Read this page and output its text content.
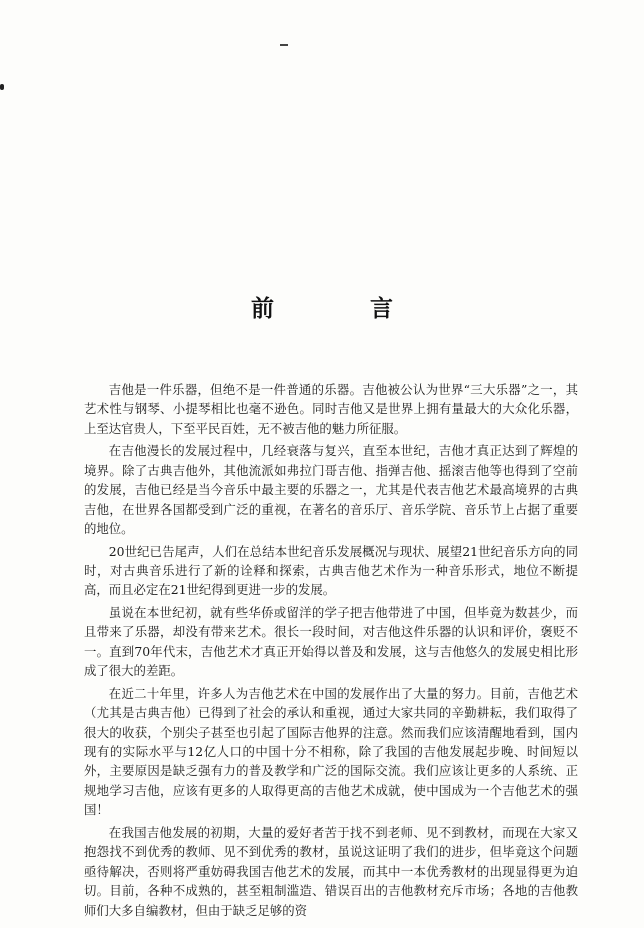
前 言

吉他是一件乐器，但绝不是一件普通的乐器。吉他被公认为世界“三大乐器”之一，其艺术性与钢琴、小提琴相比也毫不逊色。同时吉他又是世界上拥有量最大的大众化乐器，上至达官贵人，下至平民百姓，无不被吉他的魅力所征服。

在吉他漫长的发展过程中，几经衰落与复兴，直至本世纪，吉他才真正达到了辉煌的境界。除了古典吉他外，其他流派如弗拉门哥吉他、指弹吉他、摇滚吉他等也得到了空前的发展，吉他已经是当今音乐中最主要的乐器之一，尤其是代表吉他艺术最高境界的古典吉他，在世界各国都受到广泛的重视，在著名的音乐厅、音乐学院、音乐节上占据了重要的地位。

20世纪已告尾声，人们在总结本世纪音乐发展概况与现状、展望21世纪音乐方向的同时，对古典音乐进行了新的诠释和探索，古典吉他艺术作为一种音乐形式，地位不断提高，而且必定在21世纪得到更进一步的发展。

虽说在本世纪初，就有些华侨或留洋的学子把吉他带进了中国，但毕竟为数甚少，而且带来了乐器，却没有带来艺术。很长一段时间，对吉他这件乐器的认识和评价，褒贬不一。直到70年代末，吉他艺术才真正开始得以普及和发展，这与吉他悠久的发展史相比形成了很大的差距。

在近二十年里，许多人为吉他艺术在中国的发展作出了大量的努力。目前，吉他艺术（尤其是古典吉他）已得到了社会的承认和重视，通过大家共同的辛勤耕耘，我们取得了很大的收获，个别尖子甚至也引起了国际吉他界的注意。然而我们应该清醒地看到，国内现有的实际水平与12亿人口的中国十分不相称，除了我国的吉他发展起步晚、时间短以外，主要原因是缺乏强有力的普及教学和广泛的国际交流。我们应该让更多的人系统、正规地学习吉他，应该有更多的人取得更高的吉他艺术成就，使中国成为一个吉他艺术的强国！

在我国吉他发展的初期，大量的爱好者苦于找不到老师、见不到教材，而现在大家又抱怨找不到优秀的教师、见不到优秀的教材，虽说这证明了我们的进步，但毕竟这个问题亟待解决，否则将严重妨碍我国吉他艺术的发展，而其中一本优秀教材的出现显得更为迫切。目前，各种不成熟的，甚至粗制滥造、错误百出的吉他教材充斥市场；各地的吉他教师们大多自编教材，但由于缺乏足够的资
